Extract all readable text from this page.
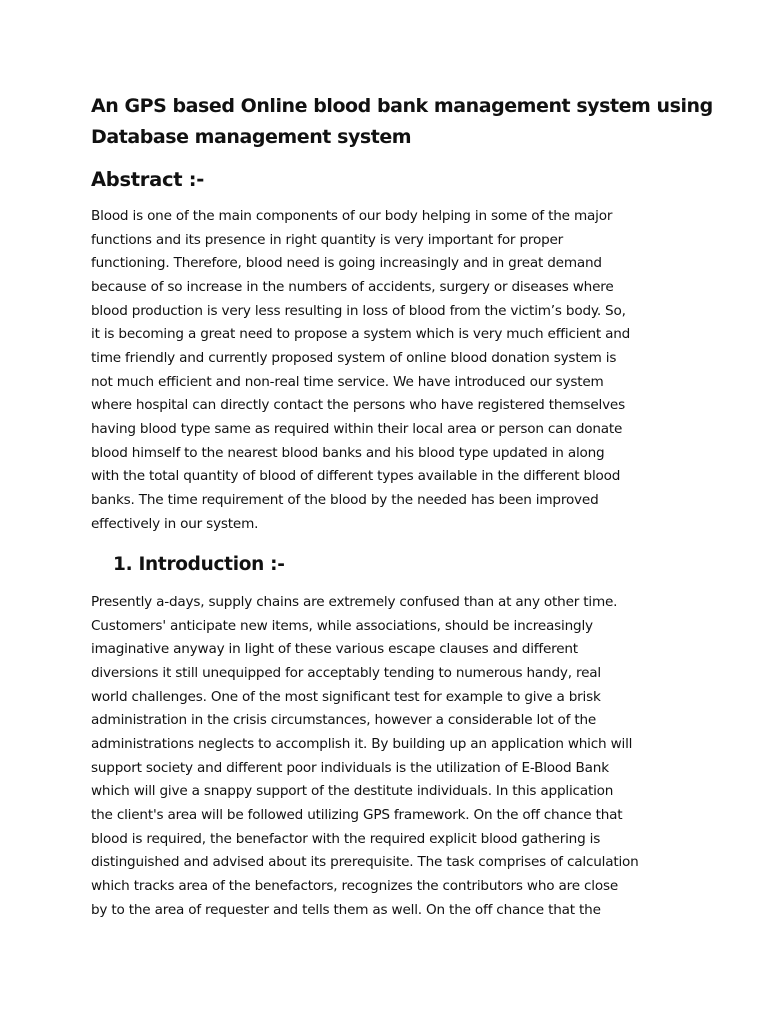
An GPS based Online blood bank management system using
Database management system
Abstract :-

Blood is one of the main components of our body helping in some of the major
functions and its presence in right quantity is very important for proper
functioning. Therefore, blood need is going increasingly and in great demand
because of so increase in the numbers of accidents, surgery or diseases where
blood production is very less resulting in loss of blood from the victim’s body. So,
it is becoming a great need to propose a system which is very much efficient and
time friendly and currently proposed system of online blood donation system is
not much efficient and non-real time service. We have introduced our system
where hospital can directly contact the persons who have registered themselves
having blood type same as required within their local area or person can donate
blood himself to the nearest blood banks and his blood type updated in along
with the total quantity of blood of different types available in the different blood
banks. The time requirement of the blood by the needed has been improved
effectively in our system.

1. Introduction :-

Presently a-days, supply chains are extremely confused than at any other time.
Customers' anticipate new items, while associations, should be increasingly
imaginative anyway in light of these various escape clauses and different
diversions it still unequipped for acceptably tending to numerous handy, real
world challenges. One of the most significant test for example to give a brisk
administration in the crisis circumstances, however a considerable lot of the
administrations neglects to accomplish it. By building up an application which will
support society and different poor individuals is the utilization of E-Blood Bank
which will give a snappy support of the destitute individuals. In this application
the client's area will be followed utilizing GPS framework. On the off chance that
blood is required, the benefactor with the required explicit blood gathering is
distinguished and advised about its prerequisite. The task comprises of calculation
which tracks area of the benefactors, recognizes the contributors who are close
by to the area of requester and tells them as well. On the off chance that the
